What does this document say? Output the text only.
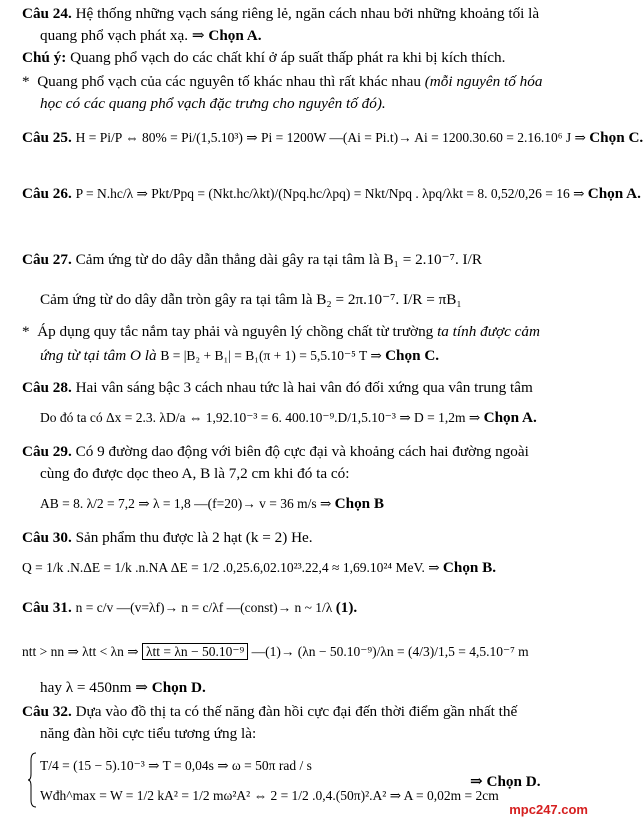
Câu 24. Hệ thống những vạch sáng riêng lẻ, ngăn cách nhau bởi những khoảng tối là
quang phổ vạch phát xạ. ⇒ Chọn A.
Chú ý: Quang phổ vạch do các chất khí ở áp suất thấp phát ra khi bị kích thích.
*  Quang phổ vạch của các nguyên tố khác nhau thì rất khác nhau (mỗi nguyên tố hóa
học có các quang phổ vạch đặc trưng cho nguyên tố đó).
Câu 25. H = Pi/P ⇔ 80% = Pi/(1,5.10³) ⇒ Pi = 1200W —(Ai = Pi.t)→ Ai = 1200.30.60 = 2.16.10⁶ J ⇒ Chọn C.
Câu 26. P = N.hc/λ ⇒ Pkt/Ppq = (Nkt.hc/λkt)/(Npq.hc/λpq) = Nkt/Npq . λpq/λkt = 8. 0,52/0,26 = 16 ⇒ Chọn A.
Câu 27. Cảm ứng từ do dây dẫn thẳng dài gây ra tại tâm là B₁ = 2.10⁻⁷. I/R
Cảm ứng từ do dây dẫn tròn gây ra tại tâm là B₂ = 2π.10⁻⁷. I/R = πB₁
*  Áp dụng quy tắc nắm tay phải và nguyên lý chồng chất từ trường ta tính được cảm
ứng từ tại tâm O là B = |B₂ + B₁| = B₁(π + 1) = 5,5.10⁻⁵ T ⇒ Chọn C.
Câu 28. Hai vân sáng bậc 3 cách nhau tức là hai vân đó đối xứng qua vân trung tâm
Do đó ta có Δx = 2.3. λD/a ⇔ 1,92.10⁻³ = 6. 400.10⁻⁹.D/1,5.10⁻³ ⇒ D = 1,2m ⇒ Chọn A.
Câu 29. Có 9 đường dao động với biên độ cực đại và khoảng cách hai đường ngoài
cùng đo được dọc theo A, B là 7,2 cm khi đó ta có:
AB = 8. λ/2 = 7,2 ⇒ λ = 1,8 —(f=20)→ v = 36 m/s ⇒ Chọn B
Câu 30. Sản phẩm thu được là 2 hạt (k = 2) He.
Q = 1/k .N.ΔE = 1/k .n.NA ΔE = 1/2 .0,25.6,02.10²³.22,4 ≈ 1,69.10²⁴ MeV. ⇒ Chọn B.
Câu 31. n = c/v —(v=λf)→ n = c/λf —(const)→ n ~ 1/λ (1).
ntt > nn ⇒ λtt < λn ⇒ λtt = λn − 50.10⁻⁹ —(1)→ (λn − 50.10⁻⁹)/λn = (4/3)/1,5 = 4,5.10⁻⁷ m
hay λ = 450nm ⇒ Chọn D.
Câu 32. Dựa vào đồ thị ta có thế năng đàn hồi cực đại đến thời điểm gần nhất thế
năng đàn hồi cực tiểu tương ứng là:
T/4 = (15 − 5).10⁻³ ⇒ T = 0,04s ⇒ ω = 50π rad / s
Wđh^max = W = 1/2 kA² = 1/2 mω²A² ⇔ 2 = 1/2 .0,4.(50π)².A² ⇒ A = 0,02m = 2cm
⇒ Chọn D.
mpc247.com
